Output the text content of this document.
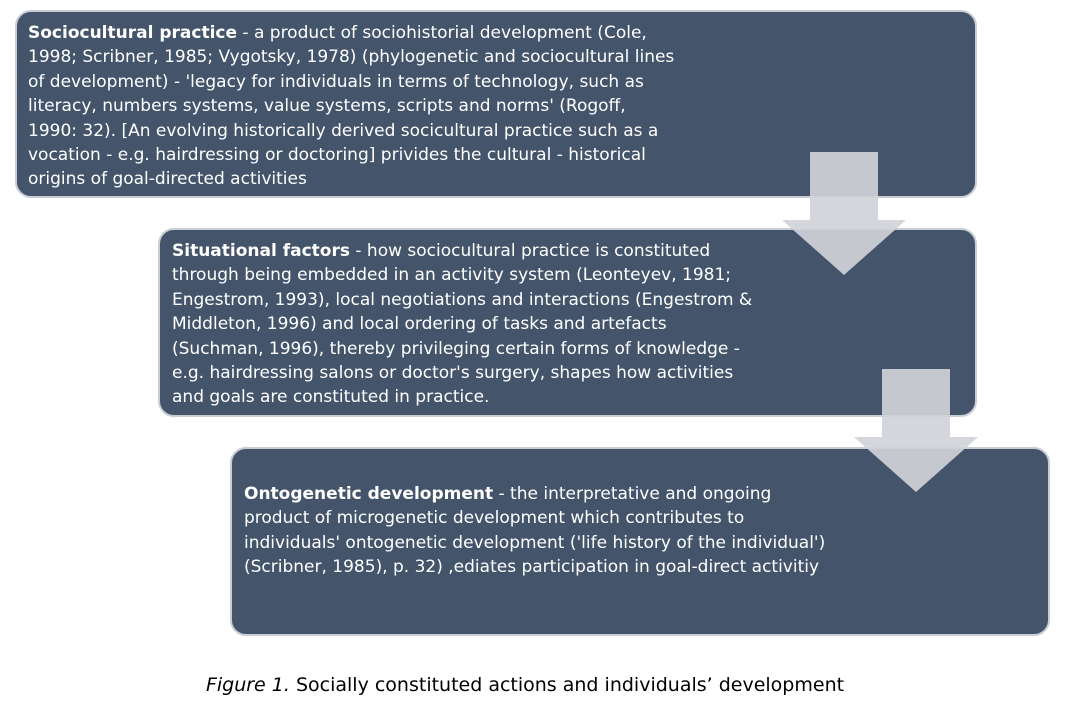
Sociocultural practice - a product of sociohistorial development (Cole, 1998; Scribner, 1985; Vygotsky, 1978) (phylogenetic and sociocultural lines of development) - 'legacy for individuals in terms of technology, such as literacy, numbers systems, value systems, scripts and norms' (Rogoff, 1990: 32). [An evolving historically derived socicultural practice such as a vocation - e.g. hairdressing or doctoring] privides the cultural - historical origins of goal-directed activities

Situational factors - how sociocultural practice is constituted through being embedded in an activity system (Leonteyev, 1981; Engestrom, 1993), local negotiations and interactions (Engestrom & Middleton, 1996) and local ordering of tasks and artefacts (Suchman, 1996), thereby privileging certain forms of knowledge - e.g. hairdressing salons or doctor's surgery, shapes how activities and goals are constituted in practice.

Ontogenetic development - the interpretative and ongoing product of microgenetic development which contributes to individuals' ontogenetic development ('life history of the individual') (Scribner, 1985), p. 32) ,ediates participation in goal-direct activitiy

Figure 1. Socially constituted actions and individuals’ development
